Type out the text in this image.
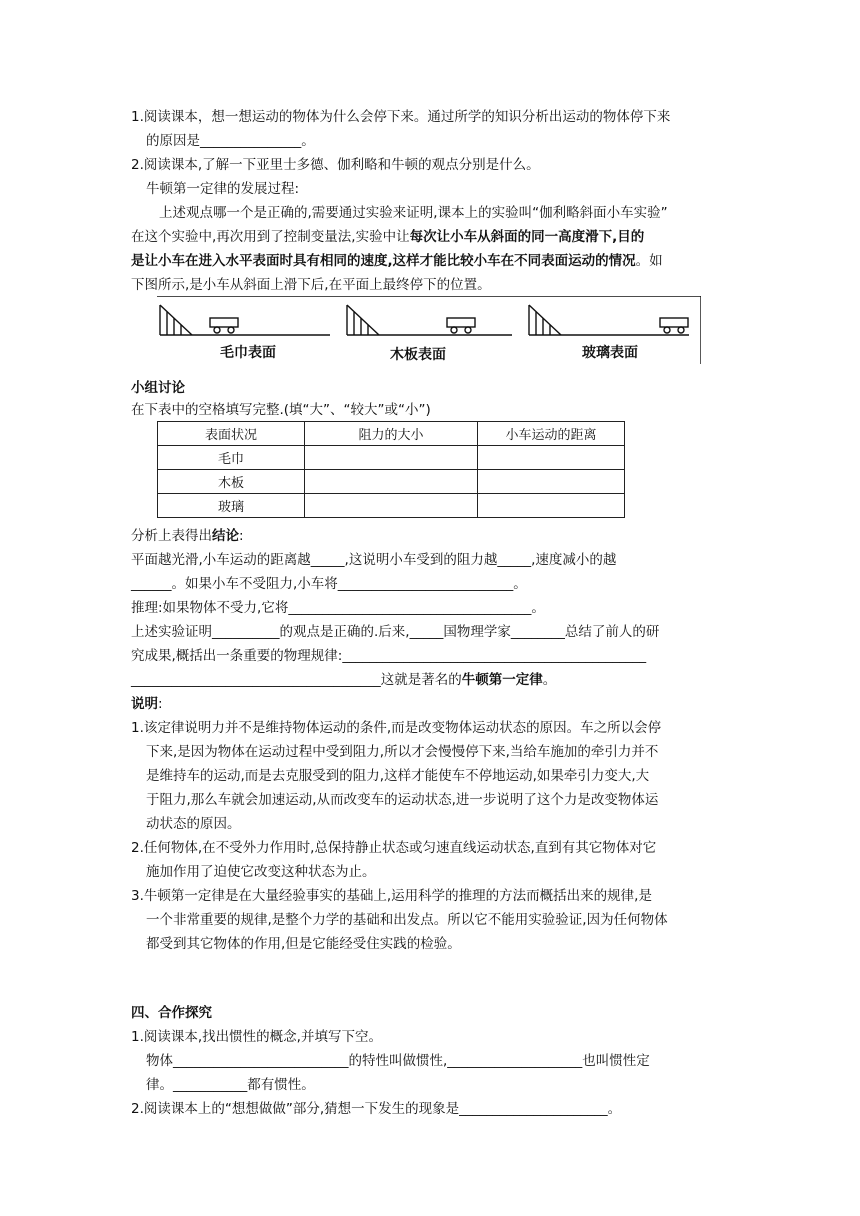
1.阅读课本，想一想运动的物体为什么会停下来。通过所学的知识分析出运动的物体停下来
的原因是_______________。
2.阅读课本,了解一下亚里士多德、伽利略和牛顿的观点分别是什么。
牛顿第一定律的发展过程:
上述观点哪一个是正确的,需要通过实验来证明,课本上的实验叫“伽利略斜面小车实验”
在这个实验中,再次用到了控制变量法,实验中让每次让小车从斜面的同一高度滑下,目的
是让小车在进入水平表面时具有相同的速度,这样才能比较小车在不同表面运动的情况。如
下图所示,是小车从斜面上滑下后,在平面上最终停下的位置。
毛巾表面	木板表面	玻璃表面
小组讨论
在下表中的空格填写完整.(填“大”、“较大”或“小”)
表面状况	阻力的大小	小车运动的距离
毛巾		
木板		
玻璃		
分析上表得出结论:
平面越光滑,小车运动的距离越_____,这说明小车受到的阻力越_____,速度减小的越
______。如果小车不受阻力,小车将__________________________。
推理:如果物体不受力,它将____________________________________。
上述实验证明__________的观点是正确的.后来,_____国物理学家________总结了前人的研
究成果,概括出一条重要的物理规律:_____________________________________________
_____________________________________这就是著名的牛顿第一定律。
说明:
1.该定律说明力并不是维持物体运动的条件,而是改变物体运动状态的原因。车之所以会停
下来,是因为物体在运动过程中受到阻力,所以才会慢慢停下来,当给车施加的牵引力并不
是维持车的运动,而是去克服受到的阻力,这样才能使车不停地运动,如果牵引力变大,大
于阻力,那么车就会加速运动,从而改变车的运动状态,进一步说明了这个力是改变物体运
动状态的原因。
2.任何物体,在不受外力作用时,总保持静止状态或匀速直线运动状态,直到有其它物体对它
施加作用了迫使它改变这种状态为止。
3.牛顿第一定律是在大量经验事实的基础上,运用科学的推理的方法而概括出来的规律,是
一个非常重要的规律,是整个力学的基础和出发点。所以它不能用实验验证,因为任何物体
都受到其它物体的作用,但是它能经受住实践的检验。
四、合作探究
1.阅读课本,找出惯性的概念,并填写下空。
物体__________________________的特性叫做惯性,____________________也叫惯性定
律。___________都有惯性。
2.阅读课本上的“想想做做”部分,猜想一下发生的现象是______________________。
